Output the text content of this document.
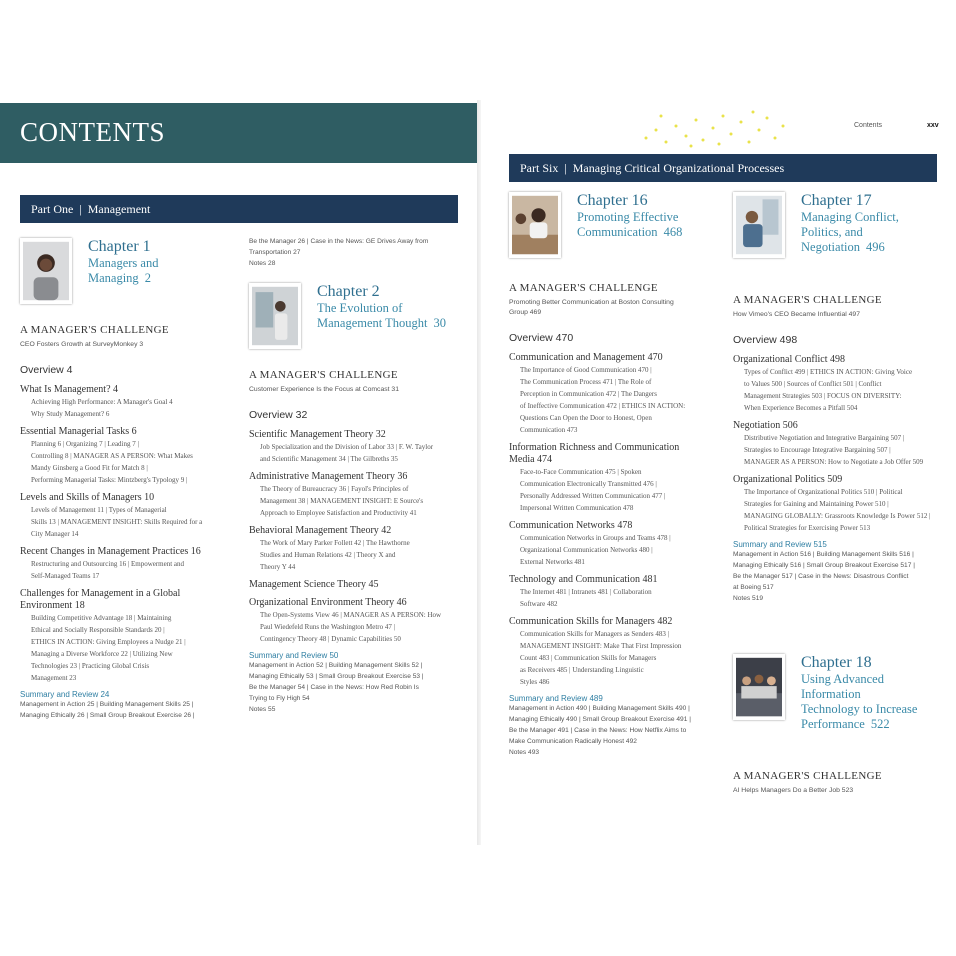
CONTENTS
Part One | Management
Chapter 1
Managers and
Managing 2
A MANAGER'S CHALLENGE
CEO Fosters Growth at SurveyMonkey 3
Overview 4
What Is Management? 4
Achieving High Performance: A Manager's Goal 4
Why Study Management? 6
Essential Managerial Tasks 6
Planning 6 | Organizing 7 | Leading 7 |
Controlling 8 | MANAGER AS A PERSON: What Makes
Mandy Ginsberg a Good Fit for Match 8 |
Performing Managerial Tasks: Mintzberg's Typology 9 |
Levels and Skills of Managers 10
Levels of Management 11 | Types of Managerial
Skills 13 | MANAGEMENT INSIGHT: Skills Required for a
City Manager 14
Recent Changes in Management Practices 16
Restructuring and Outsourcing 16 | Empowerment and
Self-Managed Teams 17
Challenges for Management in a Global
Environment 18
Building Competitive Advantage 18 | Maintaining
Ethical and Socially Responsible Standards 20 |
ETHICS IN ACTION: Giving Employees a Nudge 21 |
Managing a Diverse Workforce 22 | Utilizing New
Technologies 23 | Practicing Global Crisis
Management 23
Summary and Review 24
Management in Action 25 | Building Management Skills 25 |
Managing Ethically 26 | Small Group Breakout Exercise 26 |
Be the Manager 26 | Case in the News: GE Drives Away from
Transportation 27
Notes 28
Chapter 2
The Evolution of
Management Thought 30
A MANAGER'S CHALLENGE
Customer Experience Is the Focus at Comcast 31
Overview 32
Scientific Management Theory 32
Job Specialization and the Division of Labor 33 | F. W. Taylor
and Scientific Management 34 | The Gilbreths 35
Administrative Management Theory 36
The Theory of Bureaucracy 36 | Fayol's Principles of
Management 38 | MANAGEMENT INSIGHT: E Source's
Approach to Employee Satisfaction and Productivity 41
Behavioral Management Theory 42
The Work of Mary Parker Follett 42 | The Hawthorne
Studies and Human Relations 42 | Theory X and
Theory Y 44
Management Science Theory 45
Organizational Environment Theory 46
The Open-Systems View 46 | MANAGER AS A PERSON: How
Paul Wiedefeld Runs the Washington Metro 47 |
Contingency Theory 48 | Dynamic Capabilities 50
Summary and Review 50
Management in Action 52 | Building Management Skills 52 |
Managing Ethically 53 | Small Group Breakout Exercise 53 |
Be the Manager 54 | Case in the News: How Red Robin Is
Trying to Fly High 54
Notes 55
Contents	xxv
Part Six | Managing Critical Organizational Processes
Chapter 16
Promoting Effective
Communication 468
A MANAGER'S CHALLENGE
Promoting Better Communication at Boston Consulting
Group 469
Overview 470
Communication and Management 470
The Importance of Good Communication 470 |
The Communication Process 471 | The Role of
Perception in Communication 472 | The Dangers
of Ineffective Communication 472 | ETHICS IN ACTION:
Questions Can Open the Door to Honest, Open
Communication 473
Information Richness and Communication
Media 474
Face-to-Face Communication 475 | Spoken
Communication Electronically Transmitted 476 |
Personally Addressed Written Communication 477 |
Impersonal Written Communication 478
Communication Networks 478
Communication Networks in Groups and Teams 478 |
Organizational Communication Networks 480 |
External Networks 481
Technology and Communication 481
The Internet 481 | Intranets 481 | Collaboration
Software 482
Communication Skills for Managers 482
Communication Skills for Managers as Senders 483 |
MANAGEMENT INSIGHT: Make That First Impression
Count 483 | Communication Skills for Managers
as Receivers 485 | Understanding Linguistic
Styles 486
Summary and Review 489
Management in Action 490 | Building Management Skills 490 |
Managing Ethically 490 | Small Group Breakout Exercise 491 |
Be the Manager 491 | Case in the News: How Netflix Aims to
Make Communication Radically Honest 492
Notes 493
Chapter 17
Managing Conflict,
Politics, and
Negotiation 496
A MANAGER'S CHALLENGE
How Vimeo's CEO Became Influential 497
Overview 498
Organizational Conflict 498
Types of Conflict 499 | ETHICS IN ACTION: Giving Voice
to Values 500 | Sources of Conflict 501 | Conflict
Management Strategies 503 | FOCUS ON DIVERSITY:
When Experience Becomes a Pitfall 504
Negotiation 506
Distributive Negotiation and Integrative Bargaining 507 |
Strategies to Encourage Integrative Bargaining 507 |
MANAGER AS A PERSON: How to Negotiate a Job Offer 509
Organizational Politics 509
The Importance of Organizational Politics 510 | Political
Strategies for Gaining and Maintaining Power 510 |
MANAGING GLOBALLY: Grassroots Knowledge Is Power 512 |
Political Strategies for Exercising Power 513
Summary and Review 515
Management in Action 516 | Building Management Skills 516 |
Managing Ethically 516 | Small Group Breakout Exercise 517 |
Be the Manager 517 | Case in the News: Disastrous Conflict
at Boeing 517
Notes 519
Chapter 18
Using Advanced
Information
Technology to Increase
Performance 522
A MANAGER'S CHALLENGE
AI Helps Managers Do a Better Job 523
